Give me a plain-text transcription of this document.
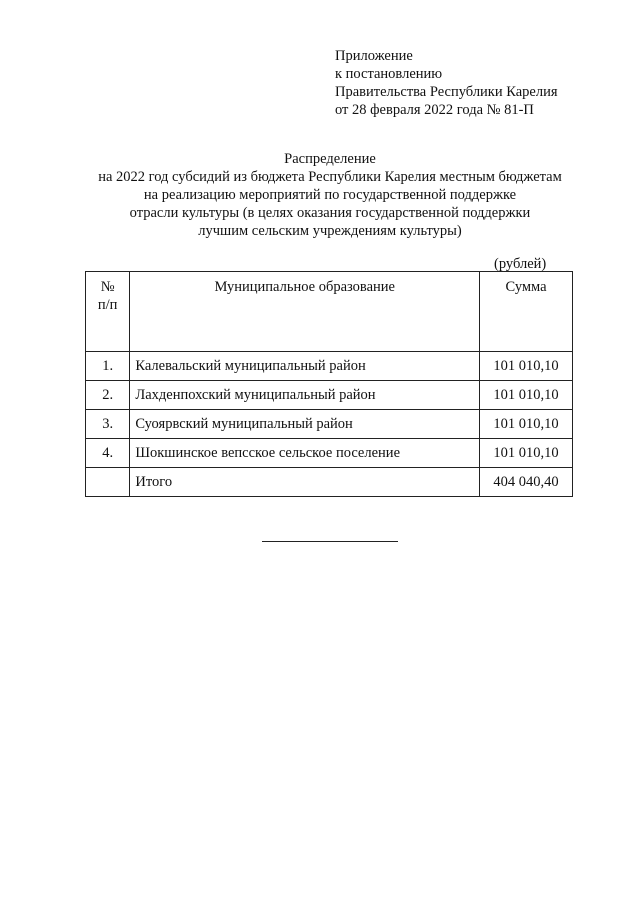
Приложение
к постановлению
Правительства Республики Карелия
от 28 февраля 2022 года № 81-П
Распределение
на 2022 год субсидий из бюджета Республики Карелия местным бюджетам
на реализацию мероприятий по государственной поддержке
отрасли культуры (в целях оказания государственной поддержки
лучшим сельским учреждениям культуры)
(рублей)
№
п/п	Муниципальное образование	Сумма
1.	Калевальский муниципальный район	101 010,10
2.	Лахденпохский муниципальный район	101 010,10
3.	Суоярвский муниципальный район	101 010,10
4.	Шокшинское вепсское сельское поселение	101 010,10
	Итого	404 040,40
